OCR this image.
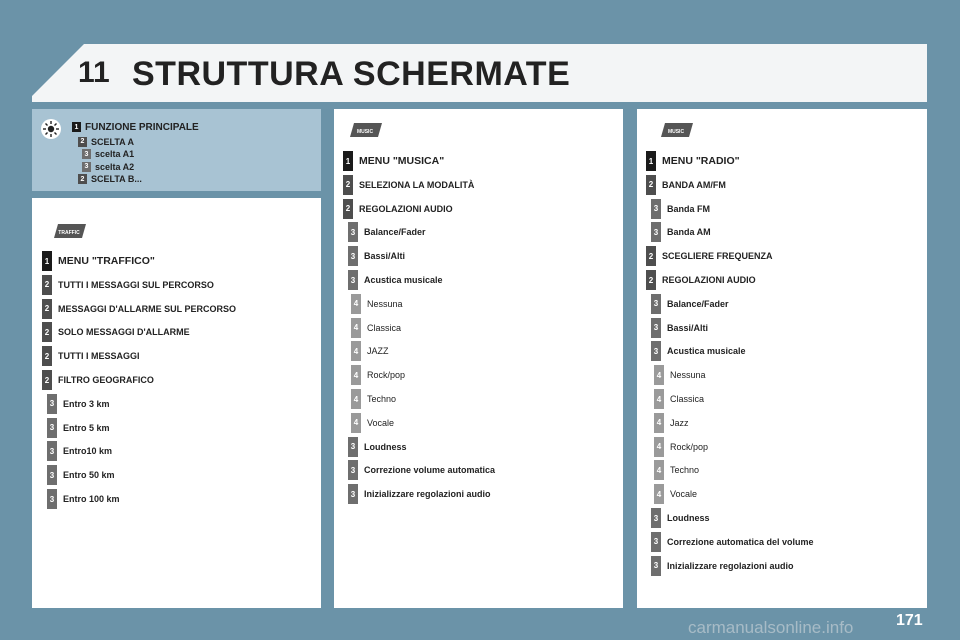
11 STRUTTURA SCHERMATE
1 FUNZIONE PRINCIPALE
2 SCELTA A
3 scelta A1
3 scelta A2
2 SCELTA B...
TRAFFIC
1 MENU "TRAFFICO"
2 TUTTI I MESSAGGI SUL PERCORSO
2 MESSAGGI D'ALLARME SUL PERCORSO
2 SOLO MESSAGGI D'ALLARME
2 TUTTI I MESSAGGI
2 FILTRO GEOGRAFICO
3 Entro 3 km
3 Entro 5 km
3 Entro10 km
3 Entro 50 km
3 Entro 100 km
MUSIC
1 MENU "MUSICA"
2 SELEZIONA LA MODALITÀ
2 REGOLAZIONI AUDIO
3 Balance/Fader
3 Bassi/Alti
3 Acustica musicale
4 Nessuna
4 Classica
4 JAZZ
4 Rock/pop
4 Techno
4 Vocale
3 Loudness
3 Correzione volume automatica
3 Inizializzare regolazioni audio
MUSIC
1 MENU "RADIO"
2 BANDA AM/FM
3 Banda FM
3 Banda AM
2 SCEGLIERE FREQUENZA
2 REGOLAZIONI AUDIO
3 Balance/Fader
3 Bassi/Alti
3 Acustica musicale
4 Nessuna
4 Classica
4 Jazz
4 Rock/pop
4 Techno
4 Vocale
3 Loudness
3 Correzione automatica del volume
3 Inizializzare regolazioni audio
carmanualsonline.info	171
